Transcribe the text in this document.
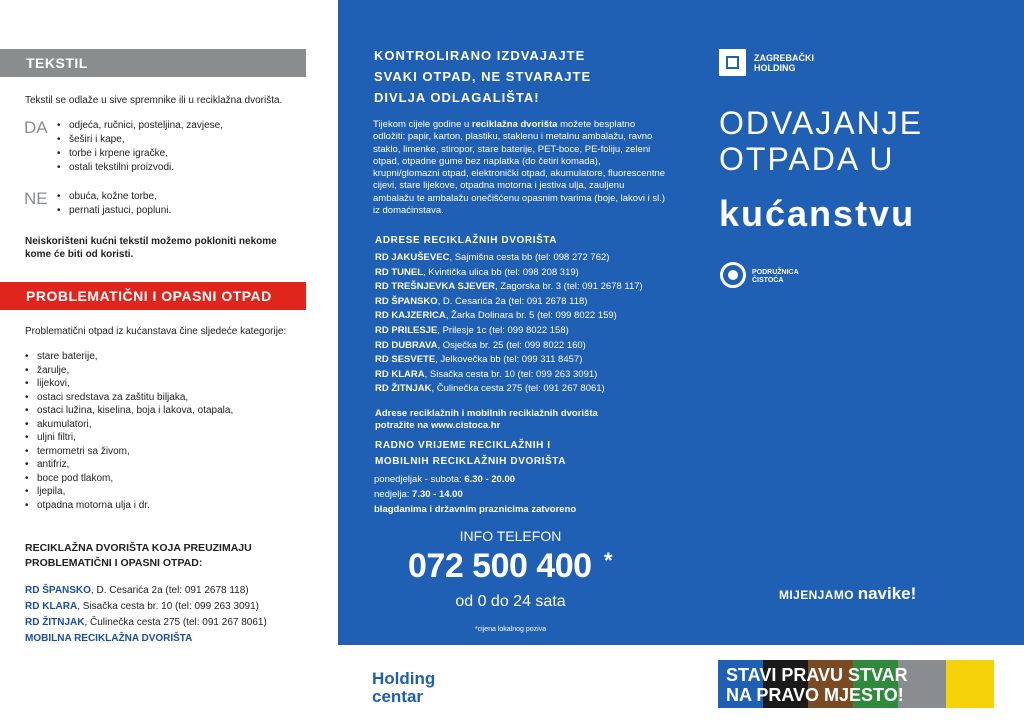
TEKSTIL
Tekstil se odlaže u sive spremnike ili u reciklažna dvorišta.
DA	• odjeća, ručnici, posteljina, zavjese,
• šeširi i kape,
• torbe i krpene igračke,
• ostali tekstilni proizvodi.
NE	• obuća, kožne torbe,
• pernati jastuci, popluni.
Neiskorišteni kućni tekstil možemo pokloniti nekome kome će biti od koristi.
PROBLEMATIČNI I OPASNI OTPAD
Problematični otpad iz kućanstava čine sljedeće kategorije:
• stare baterije,
• žarulje,
• lijekovi,
• ostaci sredstava za zaštitu biljaka,
• ostaci lužina, kiselina, boja i lakova, otapala,
• akumulatori,
• uljni filtri,
• termometri sa živom,
• antifriz,
• boce pod tlakom,
• ljepila,
• otpadna motorna ulja i dr.
RECIKLAŽNA DVORIŠTA KOJA PREUZIMAJU PROBLEMATIČNI I OPASNI OTPAD:
RD ŠPANSKO, D. Cesarića 2a (tel: 091 2678 118)
RD KLARA, Sisačka cesta br. 10 (tel: 099 263 3091)
RD ŽITNJAK, Čulinečka cesta 275 (tel: 091 267 8061)
MOBILNA RECIKLAŽNA DVORIŠTA
KONTROLIRANO IZDVAJAJTE
SVAKI OTPAD, NE STVARAJTE
DIVLJA ODLAGALIŠTA!
Tijekom cijele godine u reciklažna dvorišta možete besplatno odložiti: papir, karton, plastiku, staklenu i metalnu ambalažu, ravno staklo, limenke, stiropor, stare baterije, PET-boce, PE-foliju, zeleni otpad, otpadne gume bez naplatka (do četiri komada), krupni/glomazni otpad, elektronički otpad, akumulatore, fluorescentne cijevi, stare lijekove, otpadna motorna i jestiva ulja, zauljenu ambalažu te ambalažu onečišćenu opasnim tvarima (boje, lakovi i sl.) iz domaćinstava.
ADRESE RECIKLAŽNIH DVORIŠTA
RD JAKUŠEVEC, Sajmišna cesta bb (tel: 098 272 762)
RD TUNEL, Kvintička ulica bb (tel: 098 208 319)
RD TREŠNJEVKA SJEVER, Zagorska br. 3 (tel: 091 2678 117)
RD ŠPANSKO, D. Cesarića 2a (tel: 091 2678 118)
RD KAJZERICA, Žarka Dolinara br. 5 (tel: 099 8022 159)
RD PRILESJE, Prilesje 1c (tel: 099 8022 158)
RD DUBRAVA, Osječka br. 25 (tel: 099 8022 160)
RD SESVETE, Jelkovečka bb (tel: 099 311 8457)
RD KLARA, Sisačka cesta br. 10 (tel: 099 263 3091)
RD ŽITNJAK, Čulinečka cesta 275 (tel: 091 267 8061)
Adrese reciklažnih i mobilnih reciklažnih dvorišta
potražite na www.cistoca.hr
RADNO VRIJEME RECIKLAŽNIH I
MOBILNIH RECIKLAŽNIH DVORIŠTA
ponedjeljak - subota: 6.30 - 20.00
nedjelja: 7.30 - 14.00
blagdanima i državnim praznicima zatvoreno
INFO TELEFON
072 500 400 *
od 0 do 24 sata
*cijena lokalnog poziva
ZAGREBAČKI
HOLDING
ODVAJANJE
OTPADA U
kućanstvu
PODRUŽNICA
ČISTOĆA
MIJENJAMO navike!
Holding
centar
STAVI PRAVU STVAR
NA PRAVO MJESTO!
